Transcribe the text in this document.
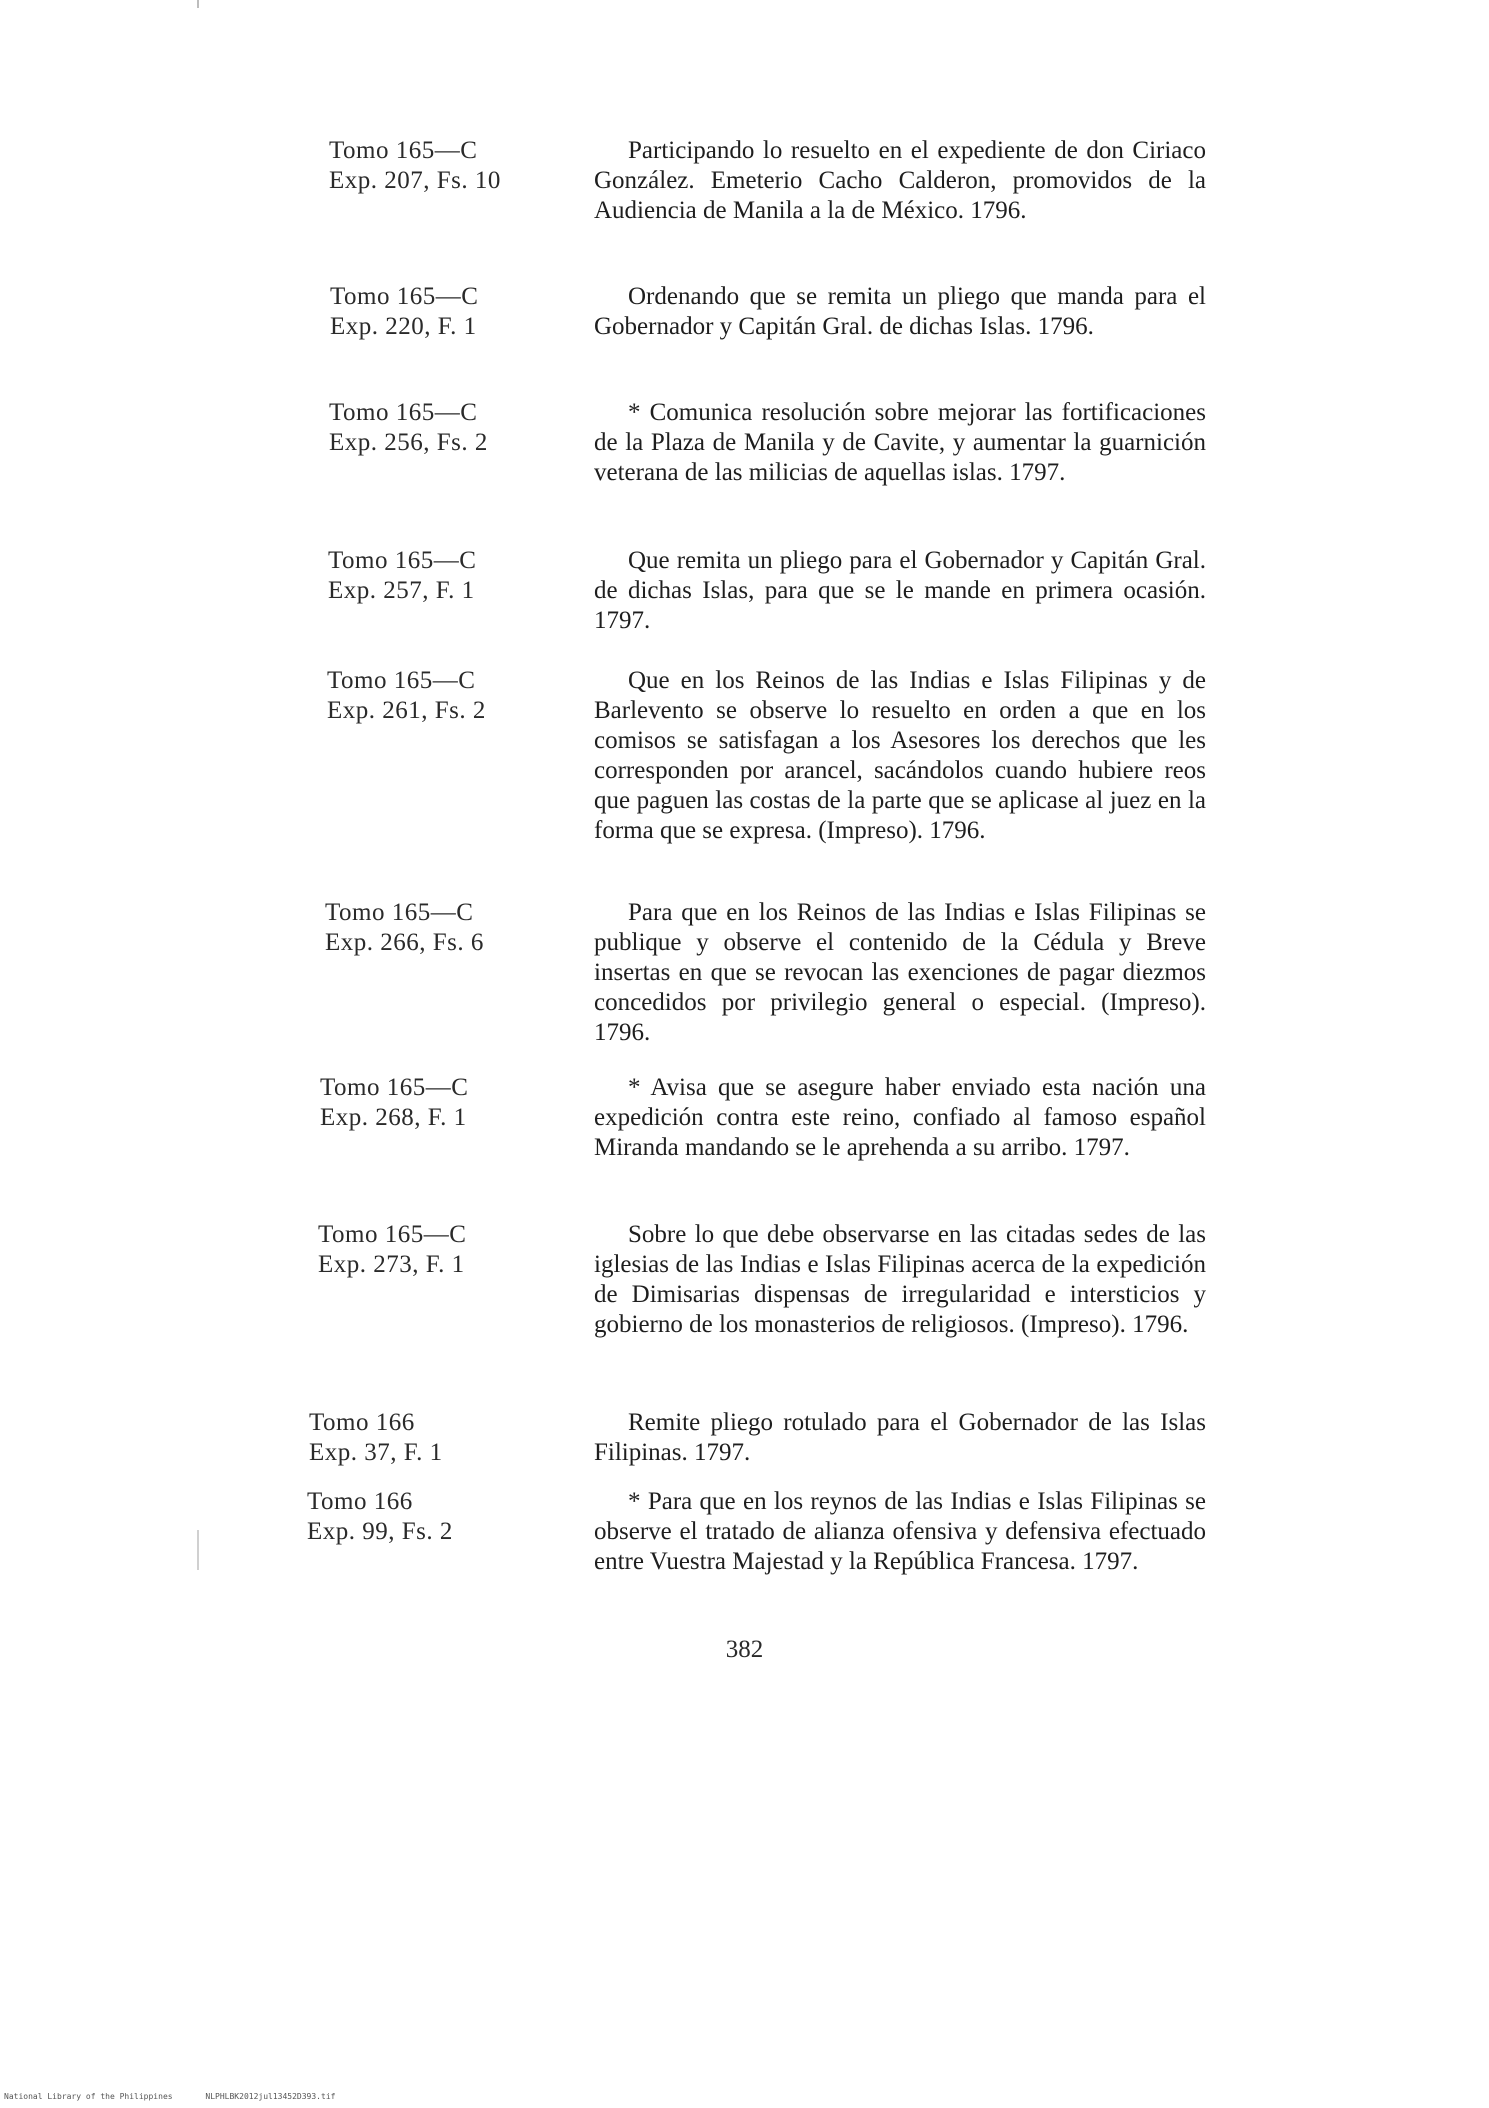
Tomo 165—C
Exp. 207, Fs. 10
Participando lo resuelto en el expediente de don Ciriaco González. Emeterio Cacho Calderon, promovidos de la Audiencia de Manila a la de México. 1796.
Tomo 165—C
Exp. 220, F. 1
Ordenando que se remita un pliego que manda para el Gobernador y Capitán Gral. de dichas Islas. 1796.
Tomo 165—C
Exp. 256, Fs. 2
* Comunica resolución sobre mejorar las fortificaciones de la Plaza de Manila y de Cavite, y aumentar la guarnición veterana de las milicias de aquellas islas. 1797.
Tomo 165—C
Exp. 257, F. 1
Que remita un pliego para el Gobernador y Capitán Gral. de dichas Islas, para que se le mande en primera ocasión. 1797.
Tomo 165—C
Exp. 261, Fs. 2
Que en los Reinos de las Indias e Islas Filipinas y de Barlevento se observe lo resuelto en orden a que en los comisos se satisfagan a los Asesores los derechos que les corresponden por arancel, sacándolos cuando hubiere reos que paguen las costas de la parte que se aplicase al juez en la forma que se expresa. (Impreso). 1796.
Tomo 165—C
Exp. 266, Fs. 6
Para que en los Reinos de las Indias e Islas Filipinas se publique y observe el contenido de la Cédula y Breve insertas en que se revocan las exenciones de pagar diezmos concedidos por privilegio general o especial. (Impreso). 1796.
Tomo 165—C
Exp. 268, F. 1
* Avisa que se asegure haber enviado esta nación una expedición contra este reino, confiado al famoso español Miranda mandando se le aprehenda a su arribo. 1797.
Tomo 165—C
Exp. 273, F. 1
Sobre lo que debe observarse en las citadas sedes de las iglesias de las Indias e Islas Filipinas acerca de la expedición de Dimisarias dispensas de irregularidad e intersticios y gobierno de los monasterios de religiosos. (Impreso). 1796.
Tomo 166
Exp. 37, F. 1
Remite pliego rotulado para el Gobernador de las Islas Filipinas. 1797.
Tomo 166
Exp. 99, Fs. 2
* Para que en los reynos de las Indias e Islas Filipinas se observe el tratado de alianza ofensiva y defensiva efectuado entre Vuestra Majestad y la República Francesa. 1797.
382
National Library of the Philippines	NLPHLBK2012jul13452D393.tif
